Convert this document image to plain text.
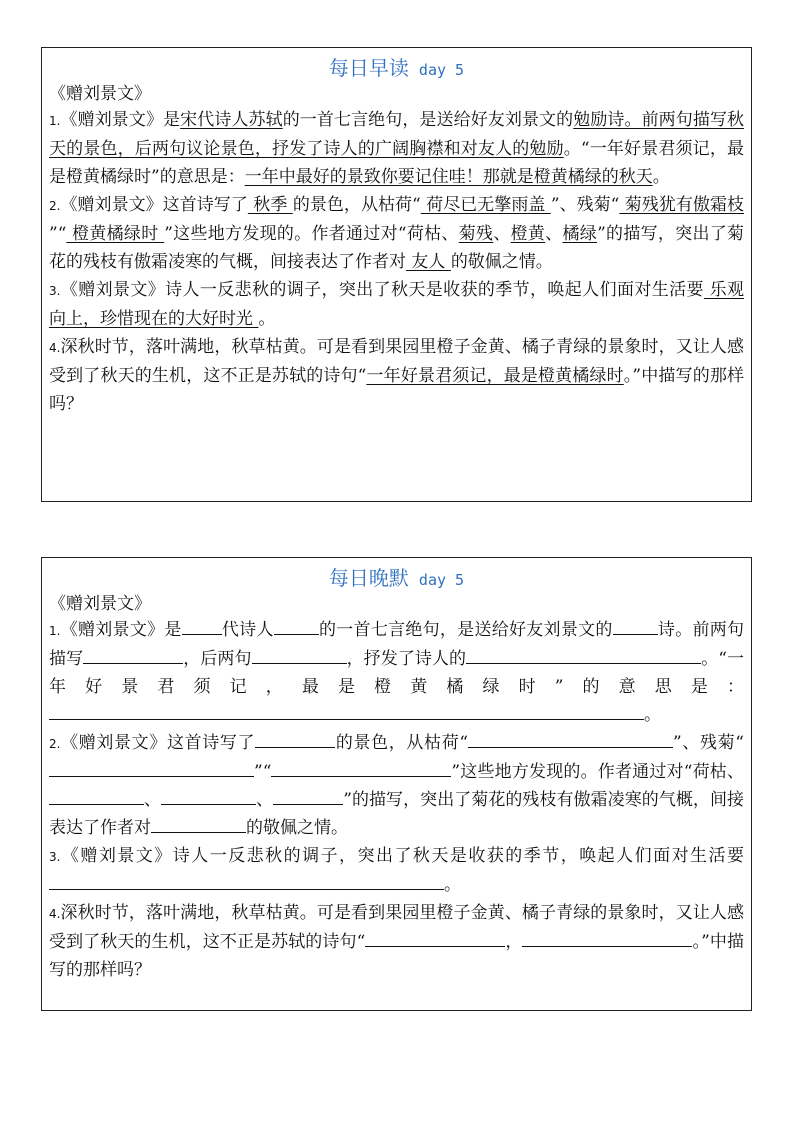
每日早读 day 5
《赠刘景文》
1.《赠刘景文》是宋代诗人苏轼的一首七言绝句，是送给好友刘景文的勉励诗。前两句描写秋天的景色，后两句议论景色，抒发了诗人的广阔胸襟和对友人的勉励。“一年好景君须记，最是橙黄橘绿时”的意思是：一年中最好的景致你要记住哇！那就是橙黄橘绿的秋天。
2.《赠刘景文》这首诗写了 秋季 的景色，从枯荷“ 荷尽已无擎雨盖 ”、残菊“ 菊残犹有傲霜枝 ”“ 橙黄橘绿时 ”这些地方发现的。作者通过对“荷枯、菊残、橙黄、橘绿”的描写，突出了菊花的残枝有傲霜凌寒的气概，间接表达了作者对 友人 的敬佩之情。
3.《赠刘景文》诗人一反悲秋的调子，突出了秋天是收获的季节，唤起人们面对生活要 乐观向上，珍惜现在的大好时光 。
4.深秋时节，落叶满地，秋草枯黄。可是看到果园里橙子金黄、橘子青绿的景象时，又让人感受到了秋天的生机，这不正是苏轼的诗句“一年好景君须记，最是橙黄橘绿时。”中描写的那样吗？
每日晚默 day 5
《赠刘景文》
1.《赠刘景文》是 代诗人	的一首七言绝句，是送给好友刘景文的	诗。前两句描写	，后两句	，抒发了诗人的	。“一年好景君须记，最是橙黄橘绿时”的意思是：。
2.《赠刘景文》这首诗写了	的景色，从枯荷“	”、残菊“”“	”这些地方发现的。作者通过对“荷枯、、	、	”的描写，突出了菊花的残枝有傲霜凌寒的气概，间接表达了作者对	的敬佩之情。
3.《赠刘景文》诗人一反悲秋的调子，突出了秋天是收获的季节，唤起人们面对生活要。
4.深秋时节，落叶满地，秋草枯黄。可是看到果园里橙子金黄、橘子青绿的景象时，又让人感受到了秋天的生机，这不正是苏轼的诗句“	，	。”中描写的那样吗？
